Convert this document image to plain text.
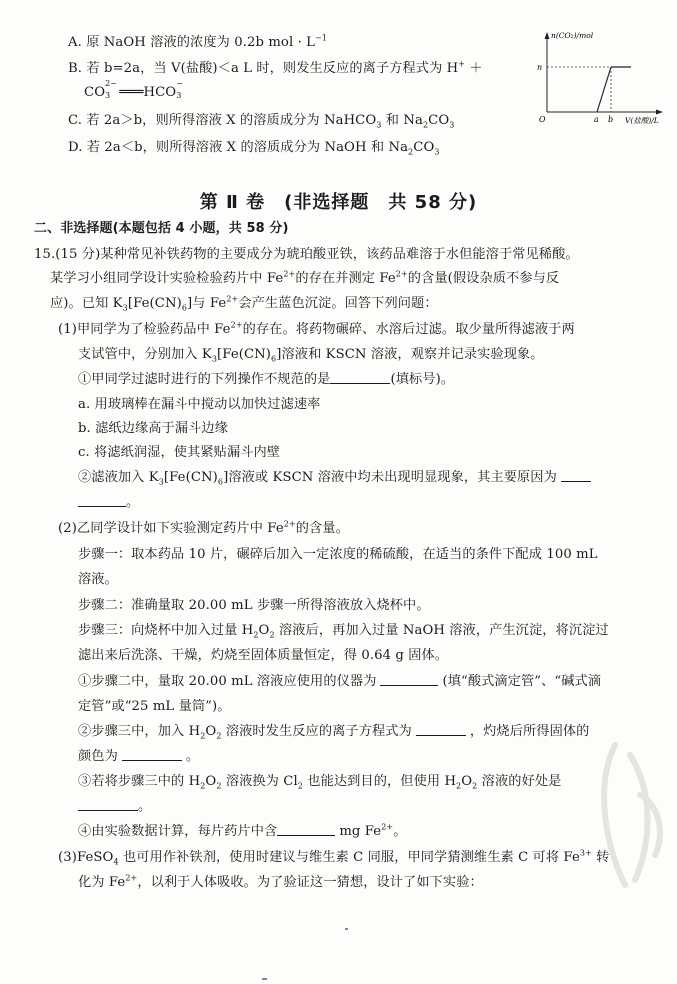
A. 原 NaOH 溶液的浓度为 0.2b mol · $L^{-1}$
B. 若 b=2a，当 V(盐酸)＜a L 时，则发生反应的离子方程式为 H+ ＋
CO
2−
3 ═══HCO
−
3
C. 若 2a＞b，则所得溶液 X 的溶质成分为 NaHCO$_3$ 和 $Na_2CO_3$
D. 若 2a＜b，则所得溶液 X 的溶质成分为 NaOH 和 $Na_2CO_3$
n(CO₂)/mol
n
O	a b V(盐酸)/L
第 Ⅱ 卷　(非选择题　共 58 分)
二、非选择题(本题包括 4 小题，共 58 分)
15.(15 分)某种常见补铁药物的主要成分为琥珀酸亚铁，该药品难溶于水但能溶于常见稀酸。
某学习小组同学设计实验检验药片中 $Fe^{2+}$的存在并测定 $Fe^{2+}$的含量(假设杂质不参与反
应)。已知 $K_3[Fe(CN)_6]$与 $Fe^{2+}$会产生蓝色沉淀。回答下列问题：
(1)甲同学为了检验药品中 $Fe^{2+}$的存在。将药物碾碎、水溶后过滤。取少量所得滤液于两
支试管中，分别加入 $K_3[Fe(CN)_6]$溶液和 KSCN 溶液，观察并记录实验现象。
①甲同学过滤时进行的下列操作不规范的是	(填标号)。
a. 用玻璃棒在漏斗中搅动以加快过滤速率
b. 滤纸边缘高于漏斗边缘
c. 将滤纸润湿，使其紧贴漏斗内壁
②滤液加入 $K_3[Fe(CN)_6]$溶液或 KSCN 溶液中均未出现明显现象，其主要原因为
。
(2)乙同学设计如下实验测定药片中 $Fe^{2+}$的含量。
步骤一：取本药品 10 片，碾碎后加入一定浓度的稀硫酸，在适当的条件下配成 100 mL
溶液。
步骤二：准确量取 20.00 mL 步骤一所得溶液放入烧杯中。
步骤三：向烧杯中加入过量 $H_2O_2$ 溶液后，再加入过量 NaOH 溶液，产生沉淀，将沉淀过
滤出来后洗涤、干燥，灼烧至固体质量恒定，得 0.64 g 固体。
①步骤二中，量取 20.00 mL 溶液应使用的仪器为	(填“酸式滴定管”、“碱式滴
定管”或“25 mL 量筒”)。
②步骤三中，加入 $H_2O_2$ 溶液时发生反应的离子方程式为	，灼烧后所得固体的
颜色为	。
③若将步骤三中的 $H_2O_2$ 溶液换为 $Cl_2$ 也能达到目的，但使用 $H_2O_2$ 溶液的好处是
。
④由实验数据计算，每片药片中含	mg $Fe^{2+}$。
(3)FeSO$_4$ 也可用作补铁剂，使用时建议与维生素 C 同服，甲同学猜测维生素 C 可将 $Fe^{3+}$ 转
化为 $Fe^{2+}$，以利于人体吸收。为了验证这一猜想，设计了如下实验：
